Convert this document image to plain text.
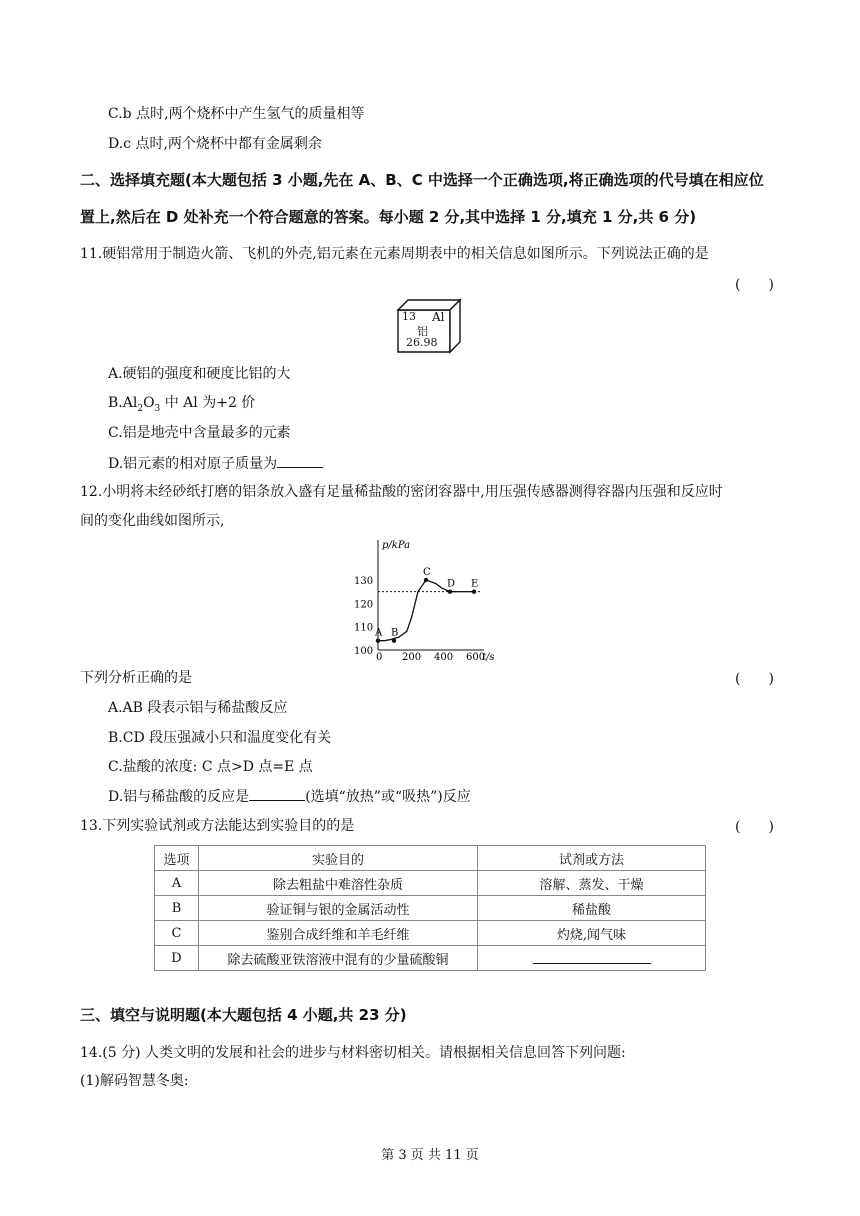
C.b 点时,两个烧杯中产生氢气的质量相等
D.c 点时,两个烧杯中都有金属剩余
二、选择填充题(本大题包括 3 小题,先在 A、B、C 中选择一个正确选项,将正确选项的代号填在相应位
置上,然后在 D 处补充一个符合题意的答案。每小题 2 分,其中选择 1 分,填充 1 分,共 6 分)
11.硬铝常用于制造火箭、飞机的外壳,铝元素在元素周期表中的相关信息如图所示。下列说法正确的是
(　　)
13 Al
铝
26.98
A.硬铝的强度和硬度比铝的大
$B.Al_2O_3$ 中 Al 为+2 价
C.铝是地壳中含量最多的元素
D.铝元素的相对原子质量为
12.小明将未经砂纸打磨的铝条放入盛有足量稀盐酸的密闭容器中,用压强传感器测得容器内压强和反应时
间的变化曲线如图所示,
p/kPa
t/s
0 200 400 600
100
110
120
130
A B
C
D E
下列分析正确的是	(　　)
A.AB 段表示铝与稀盐酸反应
B.CD 段压强减小只和温度变化有关
C.盐酸的浓度: C 点>D 点=E 点
D.铝与稀盐酸的反应是	(选填“放热”或“吸热”)反应
13.下列实验试剂或方法能达到实验目的的是	(　　)
选项	实验目的	试剂或方法
A	除去粗盐中难溶性杂质	溶解、蒸发、干燥
B	验证铜与银的金属活动性	稀盐酸
C	鉴别合成纤维和羊毛纤维	灼烧,闻气味
D	除去硫酸亚铁溶液中混有的少量硫酸铜	
三、填空与说明题(本大题包括 4 小题,共 23 分)
14.(5 分) 人类文明的发展和社会的进步与材料密切相关。请根据相关信息回答下列问题:
(1)解码智慧冬奥:
第 3 页 共 11 页
